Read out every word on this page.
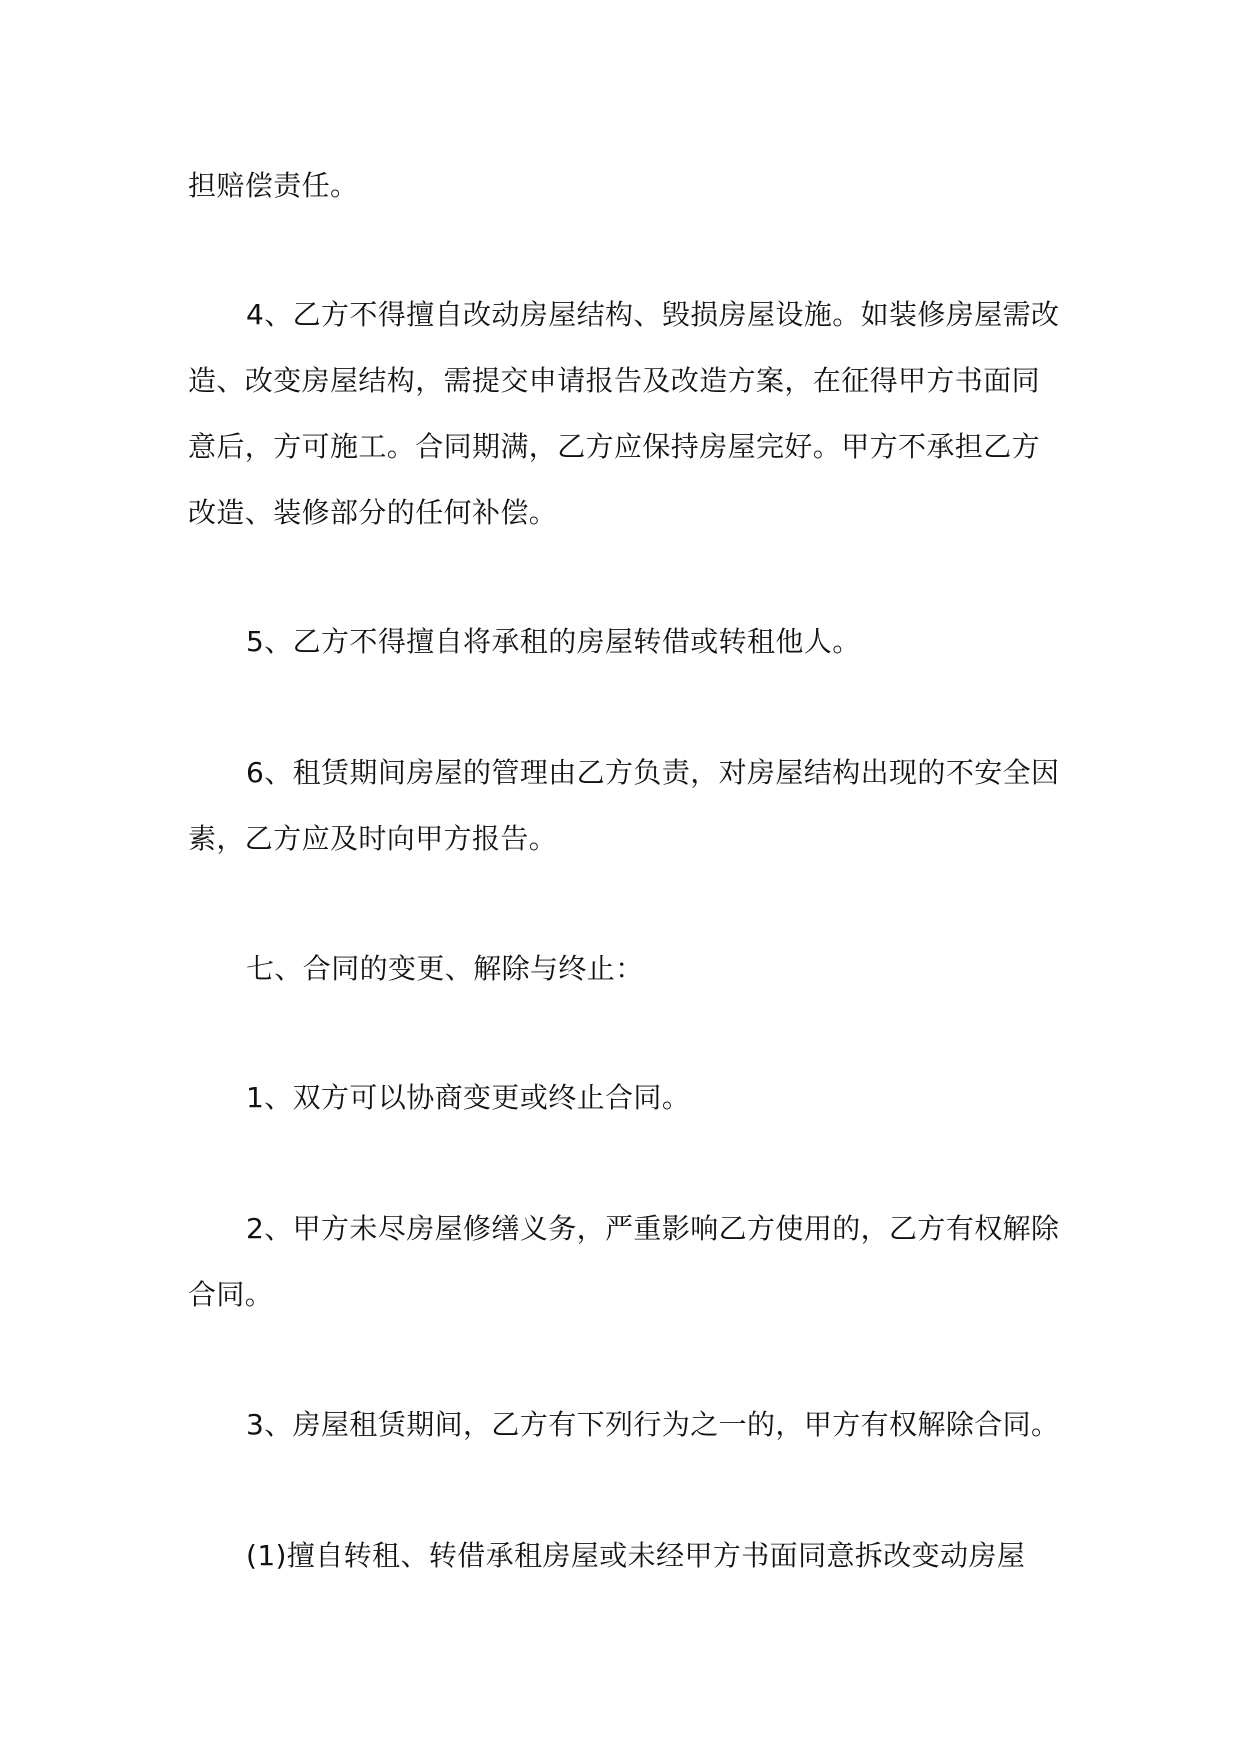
担赔偿责任。

4、乙方不得擅自改动房屋结构、毁损房屋设施。如装修房屋需改造、改变房屋结构，需提交申请报告及改造方案，在征得甲方书面同意后，方可施工。合同期满，乙方应保持房屋完好。甲方不承担乙方改造、装修部分的任何补偿。

5、乙方不得擅自将承租的房屋转借或转租他人。

6、租赁期间房屋的管理由乙方负责，对房屋结构出现的不安全因素，乙方应及时向甲方报告。

七、合同的变更、解除与终止：

1、双方可以协商变更或终止合同。

2、甲方未尽房屋修缮义务，严重影响乙方使用的，乙方有权解除合同。

3、房屋租赁期间，乙方有下列行为之一的，甲方有权解除合同。

(1)擅自转租、转借承租房屋或未经甲方书面同意拆改变动房屋
